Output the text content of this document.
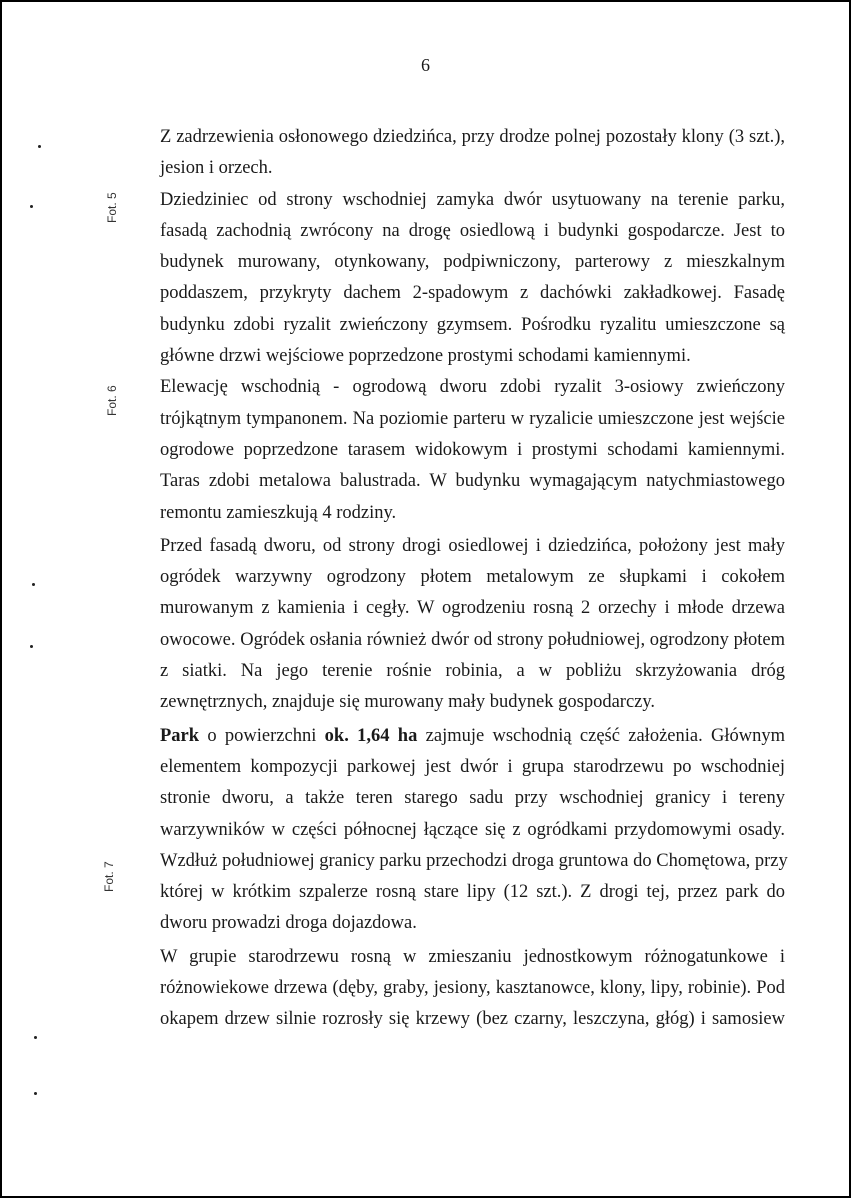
6
Fot. 5
Fot. 6
Fot. 7
Z zadrzewienia osłonowego dziedzińca, przy drodze polnej pozostały klony (3 szt.),
jesion i orzech.
Dziedziniec od strony wschodniej zamyka dwór usytuowany na terenie parku,
fasadą zachodnią zwrócony na drogę osiedlową i budynki gospodarcze. Jest to
budynek murowany, otynkowany, podpiwniczony, parterowy z mieszkalnym
poddaszem, przykryty dachem 2-spadowym z dachówki zakładkowej. Fasadę
budynku zdobi ryzalit zwieńczony gzymsem. Pośrodku ryzalitu umieszczone są
główne drzwi wejściowe poprzedzone prostymi schodami kamiennymi.
Elewację wschodnią - ogrodową dworu zdobi ryzalit 3-osiowy zwieńczony
trójkątnym tympanonem. Na poziomie parteru w ryzalicie umieszczone jest wejście
ogrodowe poprzedzone tarasem widokowym i prostymi schodami kamiennymi.
Taras zdobi metalowa balustrada. W budynku wymagającym natychmiastowego
remontu zamieszkują 4 rodziny.
Przed fasadą dworu, od strony drogi osiedlowej i dziedzińca, położony jest mały
ogródek warzywny ogrodzony płotem metalowym ze słupkami i cokołem
murowanym z kamienia i cegły. W ogrodzeniu rosną 2 orzechy i młode drzewa
owocowe. Ogródek osłania również dwór od strony południowej, ogrodzony płotem
z siatki. Na jego terenie rośnie robinia, a w pobliżu skrzyżowania dróg
zewnętrznych, znajduje się murowany mały budynek gospodarczy.
Park o powierzchni ok. 1,64 ha zajmuje wschodnią część założenia. Głównym
elementem kompozycji parkowej jest dwór i grupa starodrzewu po wschodniej
stronie dworu, a także teren starego sadu przy wschodniej granicy i tereny
warzywników w części północnej łączące się z ogródkami przydomowymi osady.
Wzdłuż południowej granicy parku przechodzi droga gruntowa do Chomętowa, przy
której w krótkim szpalerze rosną stare lipy (12 szt.). Z drogi tej, przez park do
dworu prowadzi droga dojazdowa.
W grupie starodrzewu rosną w zmieszaniu jednostkowym różnogatunkowe i
różnowiekowe drzewa (dęby, graby, jesiony, kasztanowce, klony, lipy, robinie). Pod
okapem drzew silnie rozrosły się krzewy (bez czarny, leszczyna, głóg) i samosiew
